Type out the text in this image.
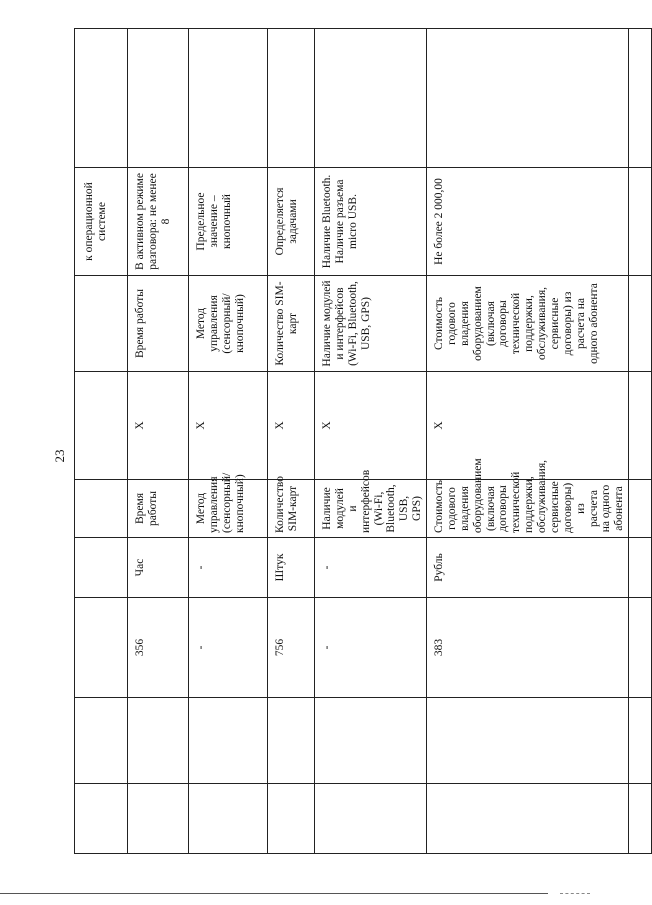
23
							к операционной системе	
		356	Час	Время работы	Х	Время работы	В активном режиме разговора: не менее 8	
		-	-	Метод управления (сенсорный/ кнопочный)	Х	Метод управления (сенсорный/ кнопочный)	Предельное значение – кнопочный	
		756	Штук	Количество SIM-карт	Х	Количество SIM-карт	Определяется задачами	
		-	-	Наличие модулей и интерфейсов (Wi-Fi, Bluetooth, USB, GPS)	Х	Наличие модулей и интерфейсов (Wi-Fi, Bluetooth, USB, GPS)	Наличие Bluetooth. Наличие разъема micro USB.	
		383	Рубль	Стоимость годового владения оборудованием (включая договоры технической поддержки, обслуживания, сервисные договоры) из расчета на одного абонента	Х	Стоимость годового владения оборудованием (включая договоры технической поддержки, обслуживания, сервисные договоры) из расчета на одного абонента	Не более 2 000,00	
